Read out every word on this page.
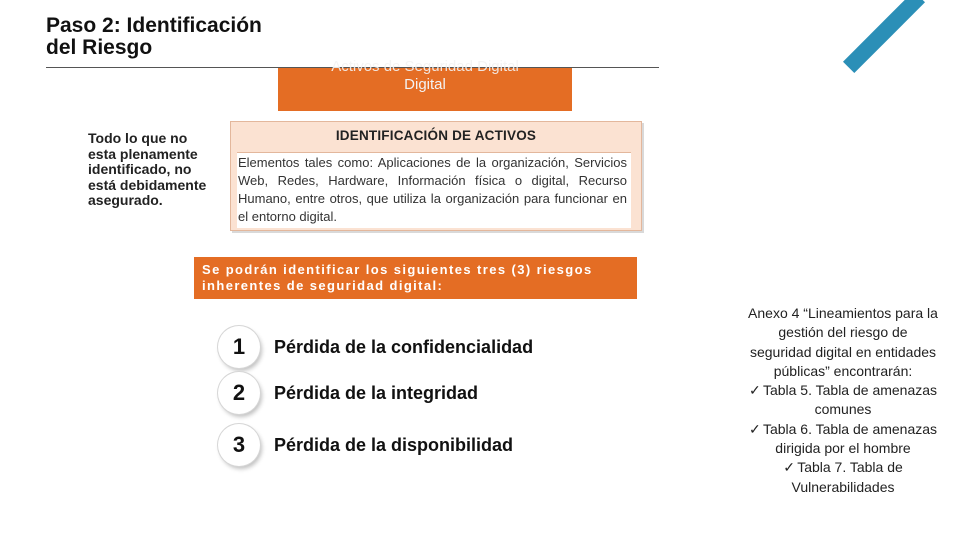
Paso 2: Identificación
del Riesgo
Activos de Seguridad Digital
Digital
Todo lo que no esta plenamente identificado, no está debidamente asegurado.
IDENTIFICACIÓN DE ACTIVOS
Elementos tales como: Aplicaciones de la organización, Servicios Web, Redes, Hardware, Información física o digital, Recurso Humano, entre otros, que utiliza la organización para funcionar en el entorno digital.
Se podrán identificar los siguientes tres (3) riesgos inherentes de seguridad digital:
1	Pérdida de la confidencialidad
2	Pérdida de la integridad
3	Pérdida de la disponibilidad
Anexo 4 “Lineamientos para la gestión del riesgo de seguridad digital en entidades públicas” encontrarán:
✓ Tabla 5. Tabla de amenazas comunes
✓ Tabla 6. Tabla de amenazas dirigida por el hombre
✓ Tabla 7. Tabla de Vulnerabilidades
